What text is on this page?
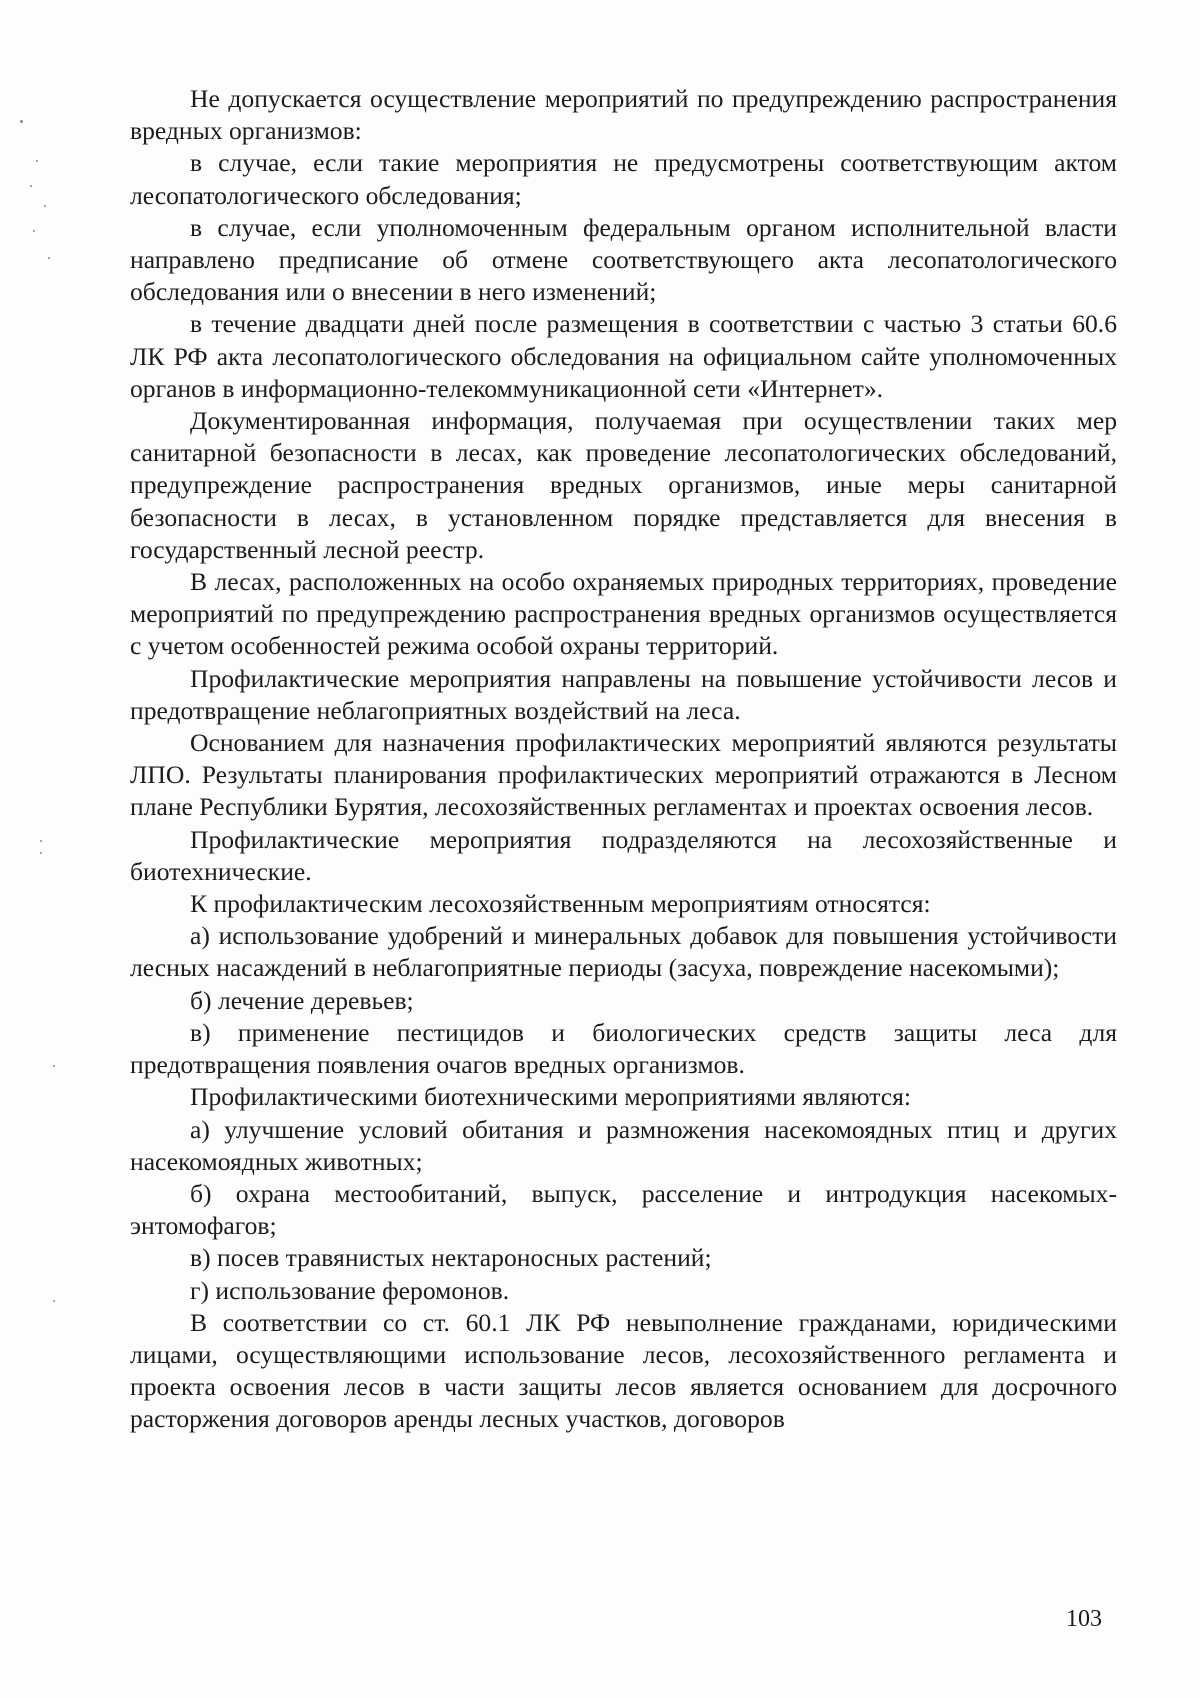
Не допускается осуществление мероприятий по предупреждению распространения вредных организмов:

в случае, если такие мероприятия не предусмотрены соответствующим актом лесопатологического обследования;

в случае, если уполномоченным федеральным органом исполнительной власти направлено предписание об отмене соответствующего акта лесопатологического обследования или о внесении в него изменений;

в течение двадцати дней после размещения в соответствии с частью 3 статьи 60.6 ЛК РФ акта лесопатологического обследования на официальном сайте уполномоченных органов в информационно-телекоммуникационной сети «Интернет».

Документированная информация, получаемая при осуществлении таких мер санитарной безопасности в лесах, как проведение лесопатологических обследований, предупреждение распространения вредных организмов, иные меры санитарной безопасности в лесах, в установленном порядке представляется для внесения в государственный лесной реестр.

В лесах, расположенных на особо охраняемых природных территориях, проведение мероприятий по предупреждению распространения вредных организмов осуществляется с учетом особенностей режима особой охраны территорий.

Профилактические мероприятия направлены на повышение устойчивости лесов и предотвращение неблагоприятных воздействий на леса.

Основанием для назначения профилактических мероприятий являются результаты ЛПО. Результаты планирования профилактических мероприятий отражаются в Лесном плане Республики Бурятия, лесохозяйственных регламентах и проектах освоения лесов.

Профилактические мероприятия подразделяются на лесохозяйственные и биотехнические.

К профилактическим лесохозяйственным мероприятиям относятся:

а) использование удобрений и минеральных добавок для повышения устойчивости лесных насаждений в неблагоприятные периоды (засуха, повреждение насекомыми);

б) лечение деревьев;

в) применение пестицидов и биологических средств защиты леса для предотвращения появления очагов вредных организмов.

Профилактическими биотехническими мероприятиями являются:

а) улучшение условий обитания и размножения насекомоядных птиц и других насекомоядных животных;

б) охрана местообитаний, выпуск, расселение и интродукция насекомых-энтомофагов;

в) посев травянистых нектароносных растений;

г) использование феромонов.

В соответствии со ст. 60.1 ЛК РФ невыполнение гражданами, юридическими лицами, осуществляющими использование лесов, лесохозяйственного регламента и проекта освоения лесов в части защиты лесов является основанием для досрочного расторжения договоров аренды лесных участков, договоров

103
